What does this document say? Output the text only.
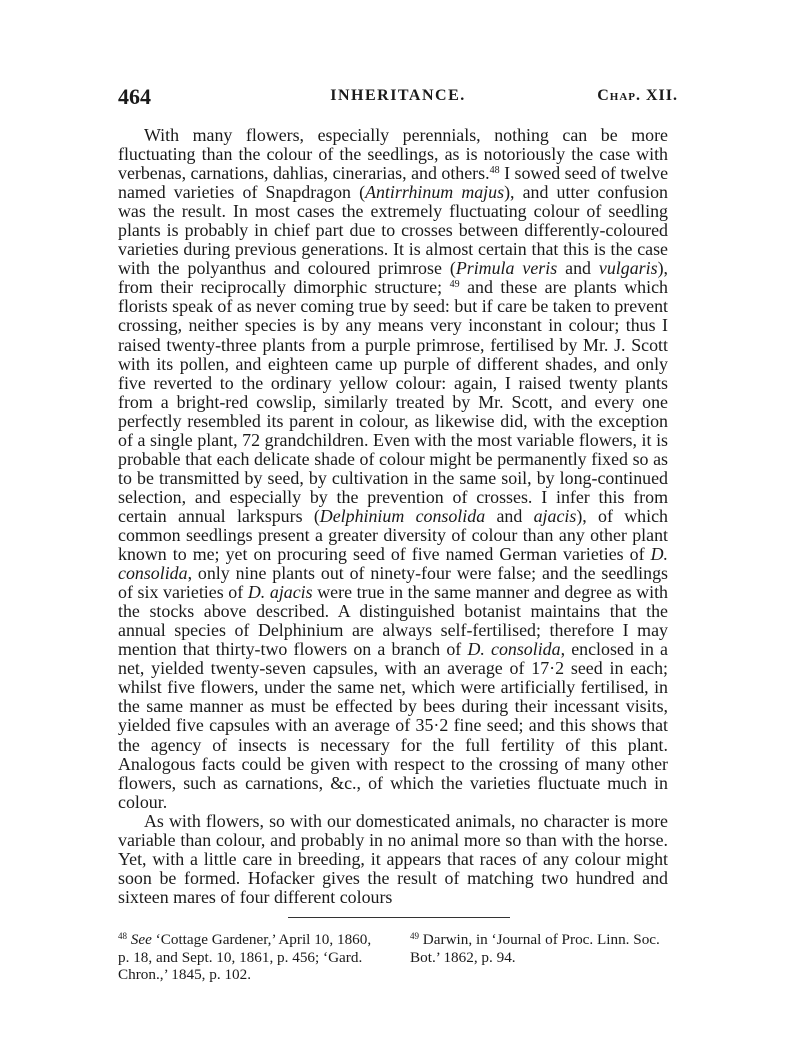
464	INHERITANCE.	Chap. XII.

With many flowers, especially perennials, nothing can be more fluctuating than the colour of the seedlings, as is notoriously the case with verbenas, carnations, dahlias, cinerarias, and others.$^{48}$ I sowed seed of twelve named varieties of Snapdragon (Antirrhinum majus), and utter confusion was the result. In most cases the extremely fluctuating colour of seedling plants is probably in chief part due to crosses between differently-coloured varieties during previous generations. It is almost certain that this is the case with the polyanthus and coloured primrose (Primula veris and vulgaris), from their reciprocally dimorphic structure; $^{49}$ and these are plants which florists speak of as never coming true by seed: but if care be taken to prevent crossing, neither species is by any means very inconstant in colour; thus I raised twenty-three plants from a purple primrose, fertilised by Mr. J. Scott with its pollen, and eighteen came up purple of different shades, and only five reverted to the ordinary yellow colour: again, I raised twenty plants from a bright-red cowslip, similarly treated by Mr. Scott, and every one perfectly resembled its parent in colour, as likewise did, with the exception of a single plant, 72 grandchildren. Even with the most variable flowers, it is probable that each delicate shade of colour might be permanently fixed so as to be transmitted by seed, by cultivation in the same soil, by long-continued selection, and especially by the prevention of crosses. I infer this from certain annual larkspurs (Delphinium consolida and ajacis), of which common seedlings present a greater diversity of colour than any other plant known to me; yet on procuring seed of five named German varieties of D. consolida, only nine plants out of ninety-four were false; and the seedlings of six varieties of D. ajacis were true in the same manner and degree as with the stocks above described. A distinguished botanist maintains that the annual species of Delphinium are always self-fertilised; therefore I may mention that thirty-two flowers on a branch of D. consolida, enclosed in a net, yielded twenty-seven capsules, with an average of 17·2 seed in each; whilst five flowers, under the same net, which were artificially fertilised, in the same manner as must be effected by bees during their incessant visits, yielded five capsules with an average of 35·2 fine seed; and this shows that the agency of insects is necessary for the full fertility of this plant. Analogous facts could be given with respect to the crossing of many other flowers, such as carnations, &c., of which the varieties fluctuate much in colour.

As with flowers, so with our domesticated animals, no character is more variable than colour, and probably in no animal more so than with the horse. Yet, with a little care in breeding, it appears that races of any colour might soon be formed. Hofacker gives the result of matching two hundred and sixteen mares of four different colours

$^{48}$ See ‘Cottage Gardener,’ April 10, 1860, p. 18, and Sept. 10, 1861, p. 456; ‘Gard. Chron.,’ 1845, p. 102.
$^{49}$ Darwin, in ‘Journal of Proc. Linn. Soc. Bot.’ 1862, p. 94.
